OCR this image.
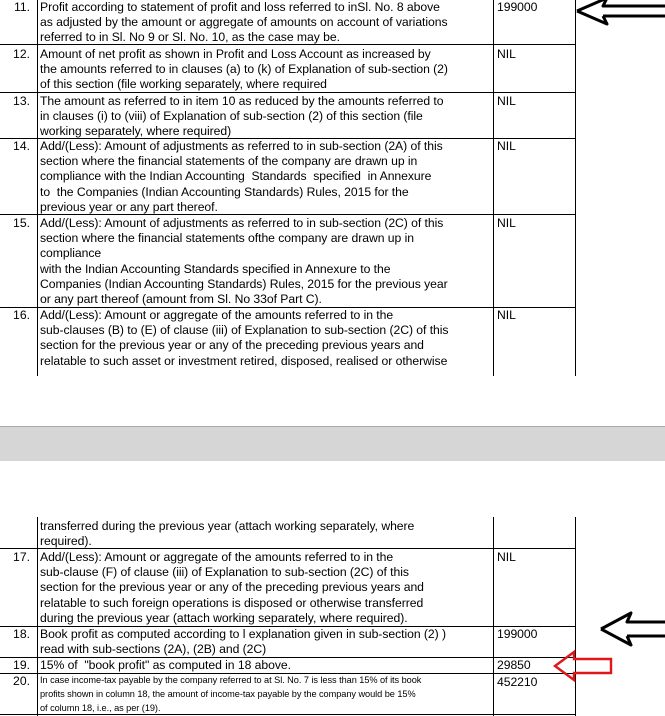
11. Profit according to statement of profit and loss referred to inSl. No. 8 above
as adjusted by the amount or aggregate of amounts on account of variations
referred to in Sl. No 9 or Sl. No. 10, as the case may be.
199000
12. Amount of net profit as shown in Profit and Loss Account as increased by
the amounts referred to in clauses (a) to (k) of Explanation of sub-section (2)
of this section (file working separately, where required
NIL
13. The amount as referred to in item 10 as reduced by the amounts referred to
in clauses (i) to (viii) of Explanation of sub-section (2) of this section (file
working separately, where required)
NIL
14. Add/(Less): Amount of adjustments as referred to in sub-section (2A) of this
section where the financial statements of the company are drawn up in
compliance with the Indian Accounting  Standards  specified  in Annexure
to  the Companies (Indian Accounting Standards) Rules, 2015 for the
previous year or any part thereof.
NIL
15. Add/(Less): Amount of adjustments as referred to in sub-section (2C) of this
section where the financial statements ofthe company are drawn up in
compliance
with the Indian Accounting Standards specified in Annexure to the
Companies (Indian Accounting Standards) Rules, 2015 for the previous year
or any part thereof (amount from Sl. No 33of Part C).
NIL
16. Add/(Less): Amount or aggregate of the amounts referred to in the
sub-clauses (B) to (E) of clause (iii) of Explanation to sub-section (2C) of this
section for the previous year or any of the preceding previous years and
relatable to such asset or investment retired, disposed, realised or otherwise
NIL
transferred during the previous year (attach working separately, where
required).
17. Add/(Less): Amount or aggregate of the amounts referred to in the
sub-clause (F) of clause (iii) of Explanation to sub-section (2C) of this
section for the previous year or any of the preceding previous years and
relatable to such foreign operations is disposed or otherwise transferred
during the previous year (attach working separately, where required).
NIL
18. Book profit as computed according to l explanation given in sub-section (2) )
read with sub-sections (2A), (2B) and (2C)
199000
19. 15% of  "book profit" as computed in 18 above.	29850
20. In case income-tax payable by the company referred to at Sl. No. 7 is less than 15% of its book
profits shown in column 18, the amount of income-tax payable by the company would be 15%
of column 18, i.e., as per (19).
452210
